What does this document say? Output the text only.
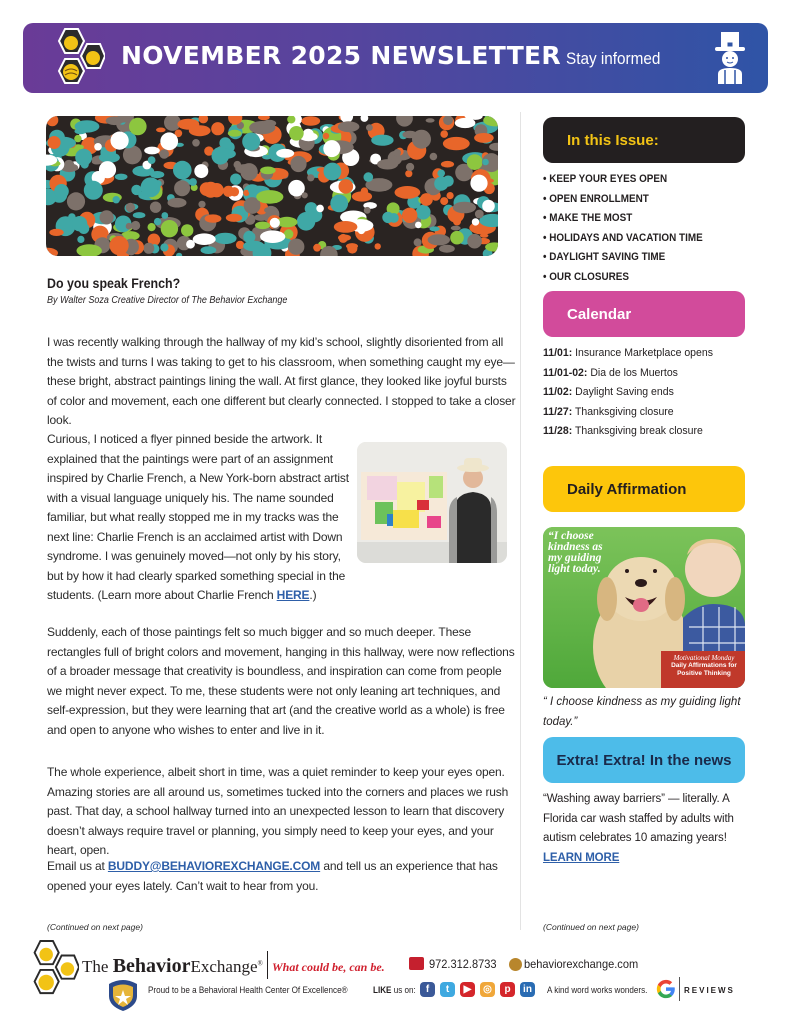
NOVEMBER 2025 NEWSLETTER Stay informed
Do you speak French?
By Walter Soza Creative Director of The Behavior Exchange

I was recently walking through the hallway of my kid’s school, slightly disoriented from all the twists and turns I was taking to get to his classroom, when something caught my eye—these bright, abstract paintings lining the wall. At first glance, they looked like joyful bursts of color and movement, each one different but clearly connected. I stopped to take a closer look.

Curious, I noticed a flyer pinned beside the artwork. It explained that the paintings were part of an assignment inspired by Charlie French, a New York-born abstract artist with a visual language uniquely his. The name sounded familiar, but what really stopped me in my tracks was the next line: Charlie French is an acclaimed artist with Down syndrome. I was genuinely moved—not only by his story, but by how it had clearly sparked something special in the students. (Learn more about Charlie French HERE.)

Suddenly, each of those paintings felt so much bigger and so much deeper. These rectangles full of bright colors and movement, hanging in this hallway, were now reflections of a broader message that creativity is boundless, and inspiration can come from people we might never expect. To me, these students were not only leaning art techniques, and self-expression, but they were learning that art (and the creative world as a whole) is free and open to anyone who wishes to enter and live in it.

The whole experience, albeit short in time, was a quiet reminder to keep your eyes open. Amazing stories are all around us, sometimes tucked into the corners and places we rush past. That day, a school hallway turned into an unexpected lesson to learn that discovery doesn’t always require travel or planning, you simply need to keep your eyes, and your heart, open.

Email us at BUDDY@BEHAVIOREXCHANGE.COM and tell us an experience that has opened your eyes lately. Can’t wait to hear from you.

(Continued on next page)
In this Issue:
• KEEP YOUR EYES OPEN
• OPEN ENROLLMENT
• MAKE THE MOST
• HOLIDAYS AND VACATION TIME
• DAYLIGHT SAVING TIME
• OUR CLOSURES
Calendar
11/01: Insurance Marketplace opens
11/01-02: Dia de los Muertos
11/02: Daylight Saving ends
11/27: Thanksgiving closure
11/28: Thanksgiving break closure
Daily Affirmation
“I choose kindness as my guiding light today.
Motivational Monday
Daily Affirmations for Positive Thinking
“ I choose kindness as my guiding light today.”
Extra! Extra! In the news
“Washing away barriers” — literally. A Florida car wash staffed by adults with autism celebrates 10 amazing years!
LEARN MORE
(Continued on next page)
The BehaviorExchange® What could be, can be.
Proud to be a Behavioral Health Center Of Excellence®
972.312.8733 behaviorexchange.com
LIKE us on:	f	t	▶	◎	p	in	A kind word works wonders.	REVIEWS
